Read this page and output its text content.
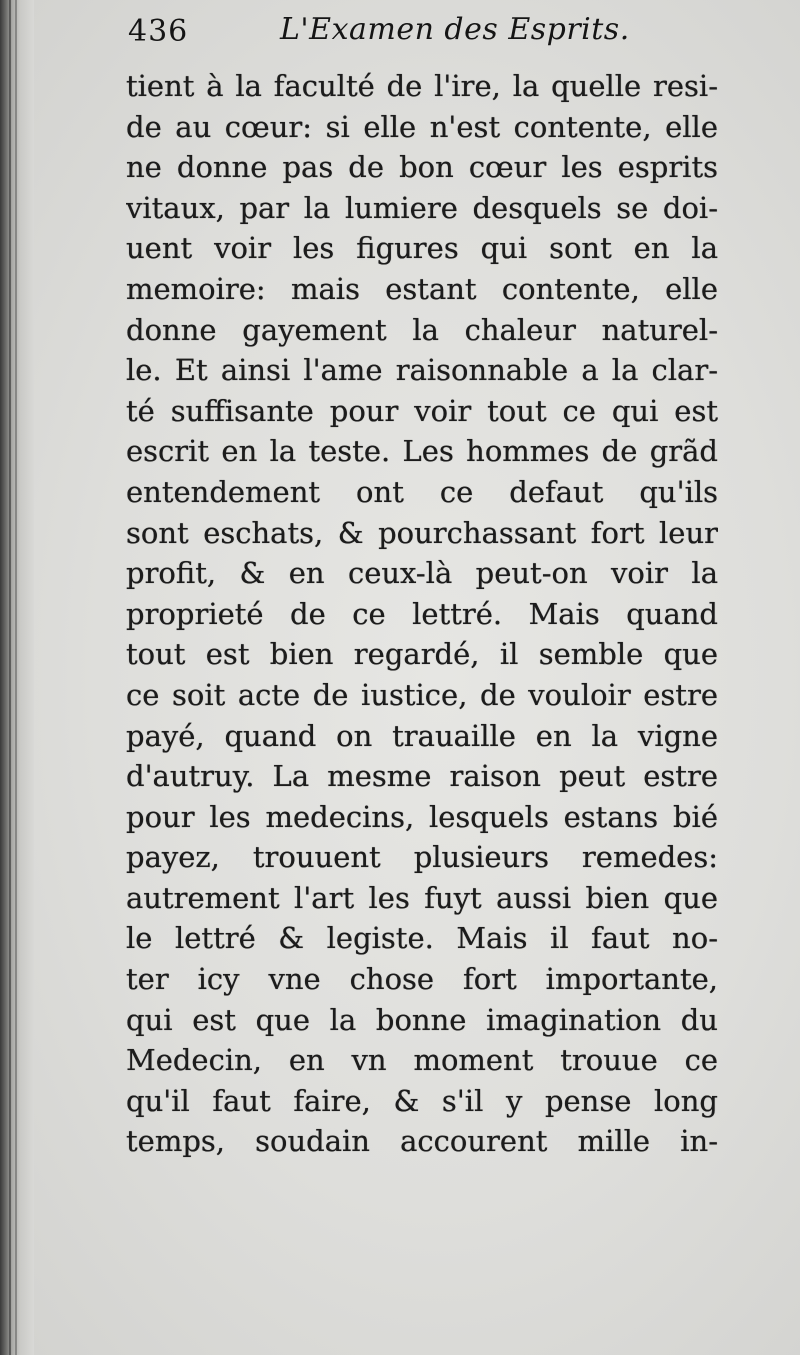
436	L'Examen des Esprits.
tient à la faculté de l'ire, la quelle resi-
de au cœur: si elle n'est contente, elle
ne donne pas de bon cœur les esprits
vitaux, par la lumiere desquels se doi-
uent voir les figures qui sont en la
memoire: mais estant contente, elle
donne gayement la chaleur naturel-
le. Et ainsi l'ame raisonnable a la clar-
té suffisante pour voir tout ce qui est
escrit en la teste. Les hommes de grãd
entendement ont ce defaut qu'ils
sont eschats, & pourchassant fort leur
profit, & en ceux-là peut-on voir la
proprieté de ce lettré. Mais quand
tout est bien regardé, il semble que
ce soit acte de iustice, de vouloir estre
payé, quand on trauaille en la vigne
d'autruy. La mesme raison peut estre
pour les medecins, lesquels estans bié
payez, trouuent plusieurs remedes:
autrement l'art les fuyt aussi bien que
le lettré & legiste. Mais il faut no-
ter icy vne chose fort importante,
qui est que la bonne imagination du
Medecin, en vn moment trouue ce
qu'il faut faire, & s'il y pense long
temps, soudain accourent mille in-
